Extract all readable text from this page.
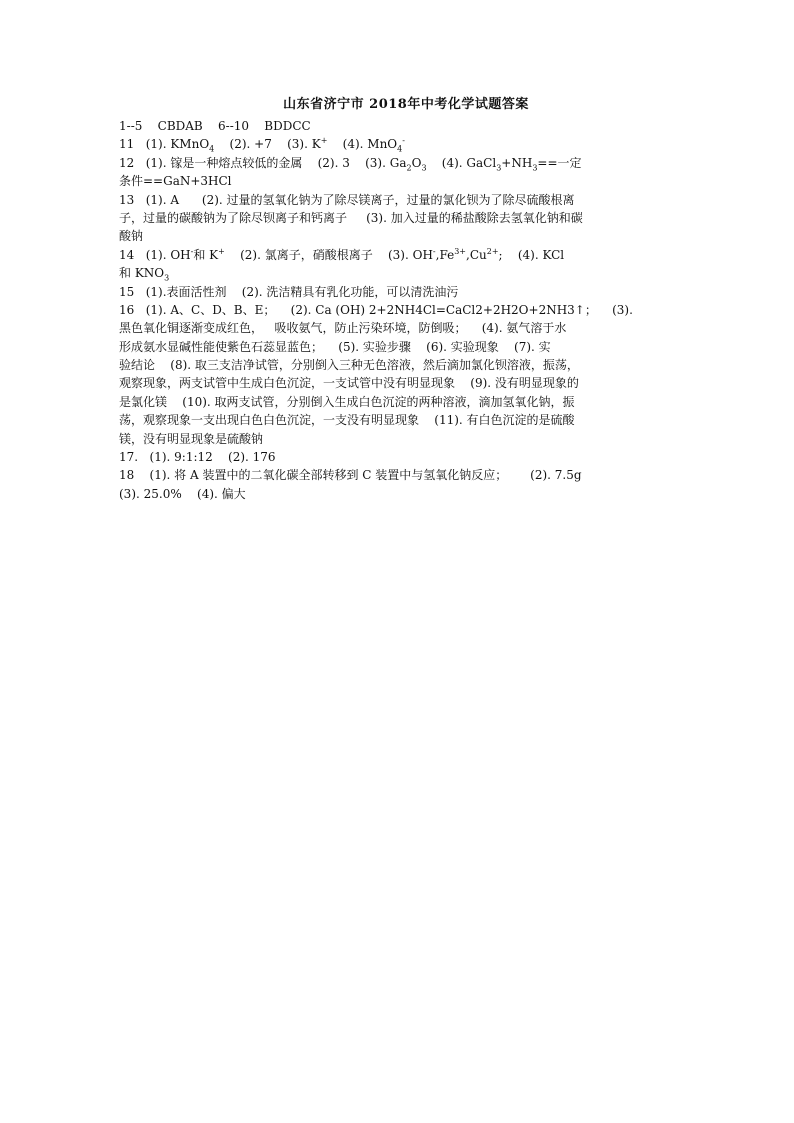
山东省济宁市 2018年中考化学试题答案
1--5    CBDAB    6--10    BDDCC
11   (1). KMnO$_4$    (2). +7    (3). K+    (4). MnO$_4$-
12   (1). 镓是一种熔点较低的金属    (2). 3    (3). $Ga_2O_3$    (4). $GaCl_3+NH_3==$一定
条件==GaN+3HCl
13   (1). A      (2). 过量的氢氧化钠为了除尽镁离子，过量的氯化钡为了除尽硫酸根离
子，过量的碳酸钠为了除尽钡离子和钙离子     (3). 加入过量的稀盐酸除去氢氧化钠和碳
酸钠
14   (1). OH-和 K+    (2). 氯离子，硝酸根离子    (3). $OH^-,Fe^{3+},Cu^{2+}$;    (4). KCl
和 $KNO_3$
15   (1).表面活性剂    (2). 洗洁精具有乳化功能，可以清洗油污
16   (1). A、C、D、B、E；    (2). Ca (OH) 2+2NH4Cl=CaCl2+2H2O+2NH3↑；    (3).
黑色氧化铜逐渐变成红色，   吸收氨气，防止污染环境，防倒吸；    (4). 氨气溶于水
形成氨水显碱性能使紫色石蕊显蓝色；    (5). 实验步骤    (6). 实验现象    (7). 实
验结论    (8). 取三支洁净试管，分别倒入三种无色溶液，然后滴加氯化钡溶液，振荡，
观察现象，两支试管中生成白色沉淀，一支试管中没有明显现象    (9). 没有明显现象的
是氯化镁    (10). 取两支试管，分别倒入生成白色沉淀的两种溶液，滴加氢氧化钠，振
荡，观察现象一支出现白色白色沉淀，一支没有明显现象    (11). 有白色沉淀的是硫酸
镁，没有明显现象是硫酸钠
17.   (1). 9:1:12    (2). 176
18    (1). 将 A 装置中的二氧化碳全部转移到 C 装置中与氢氧化钠反应；      (2). 7.5g
(3). 25.0%    (4). 偏大
